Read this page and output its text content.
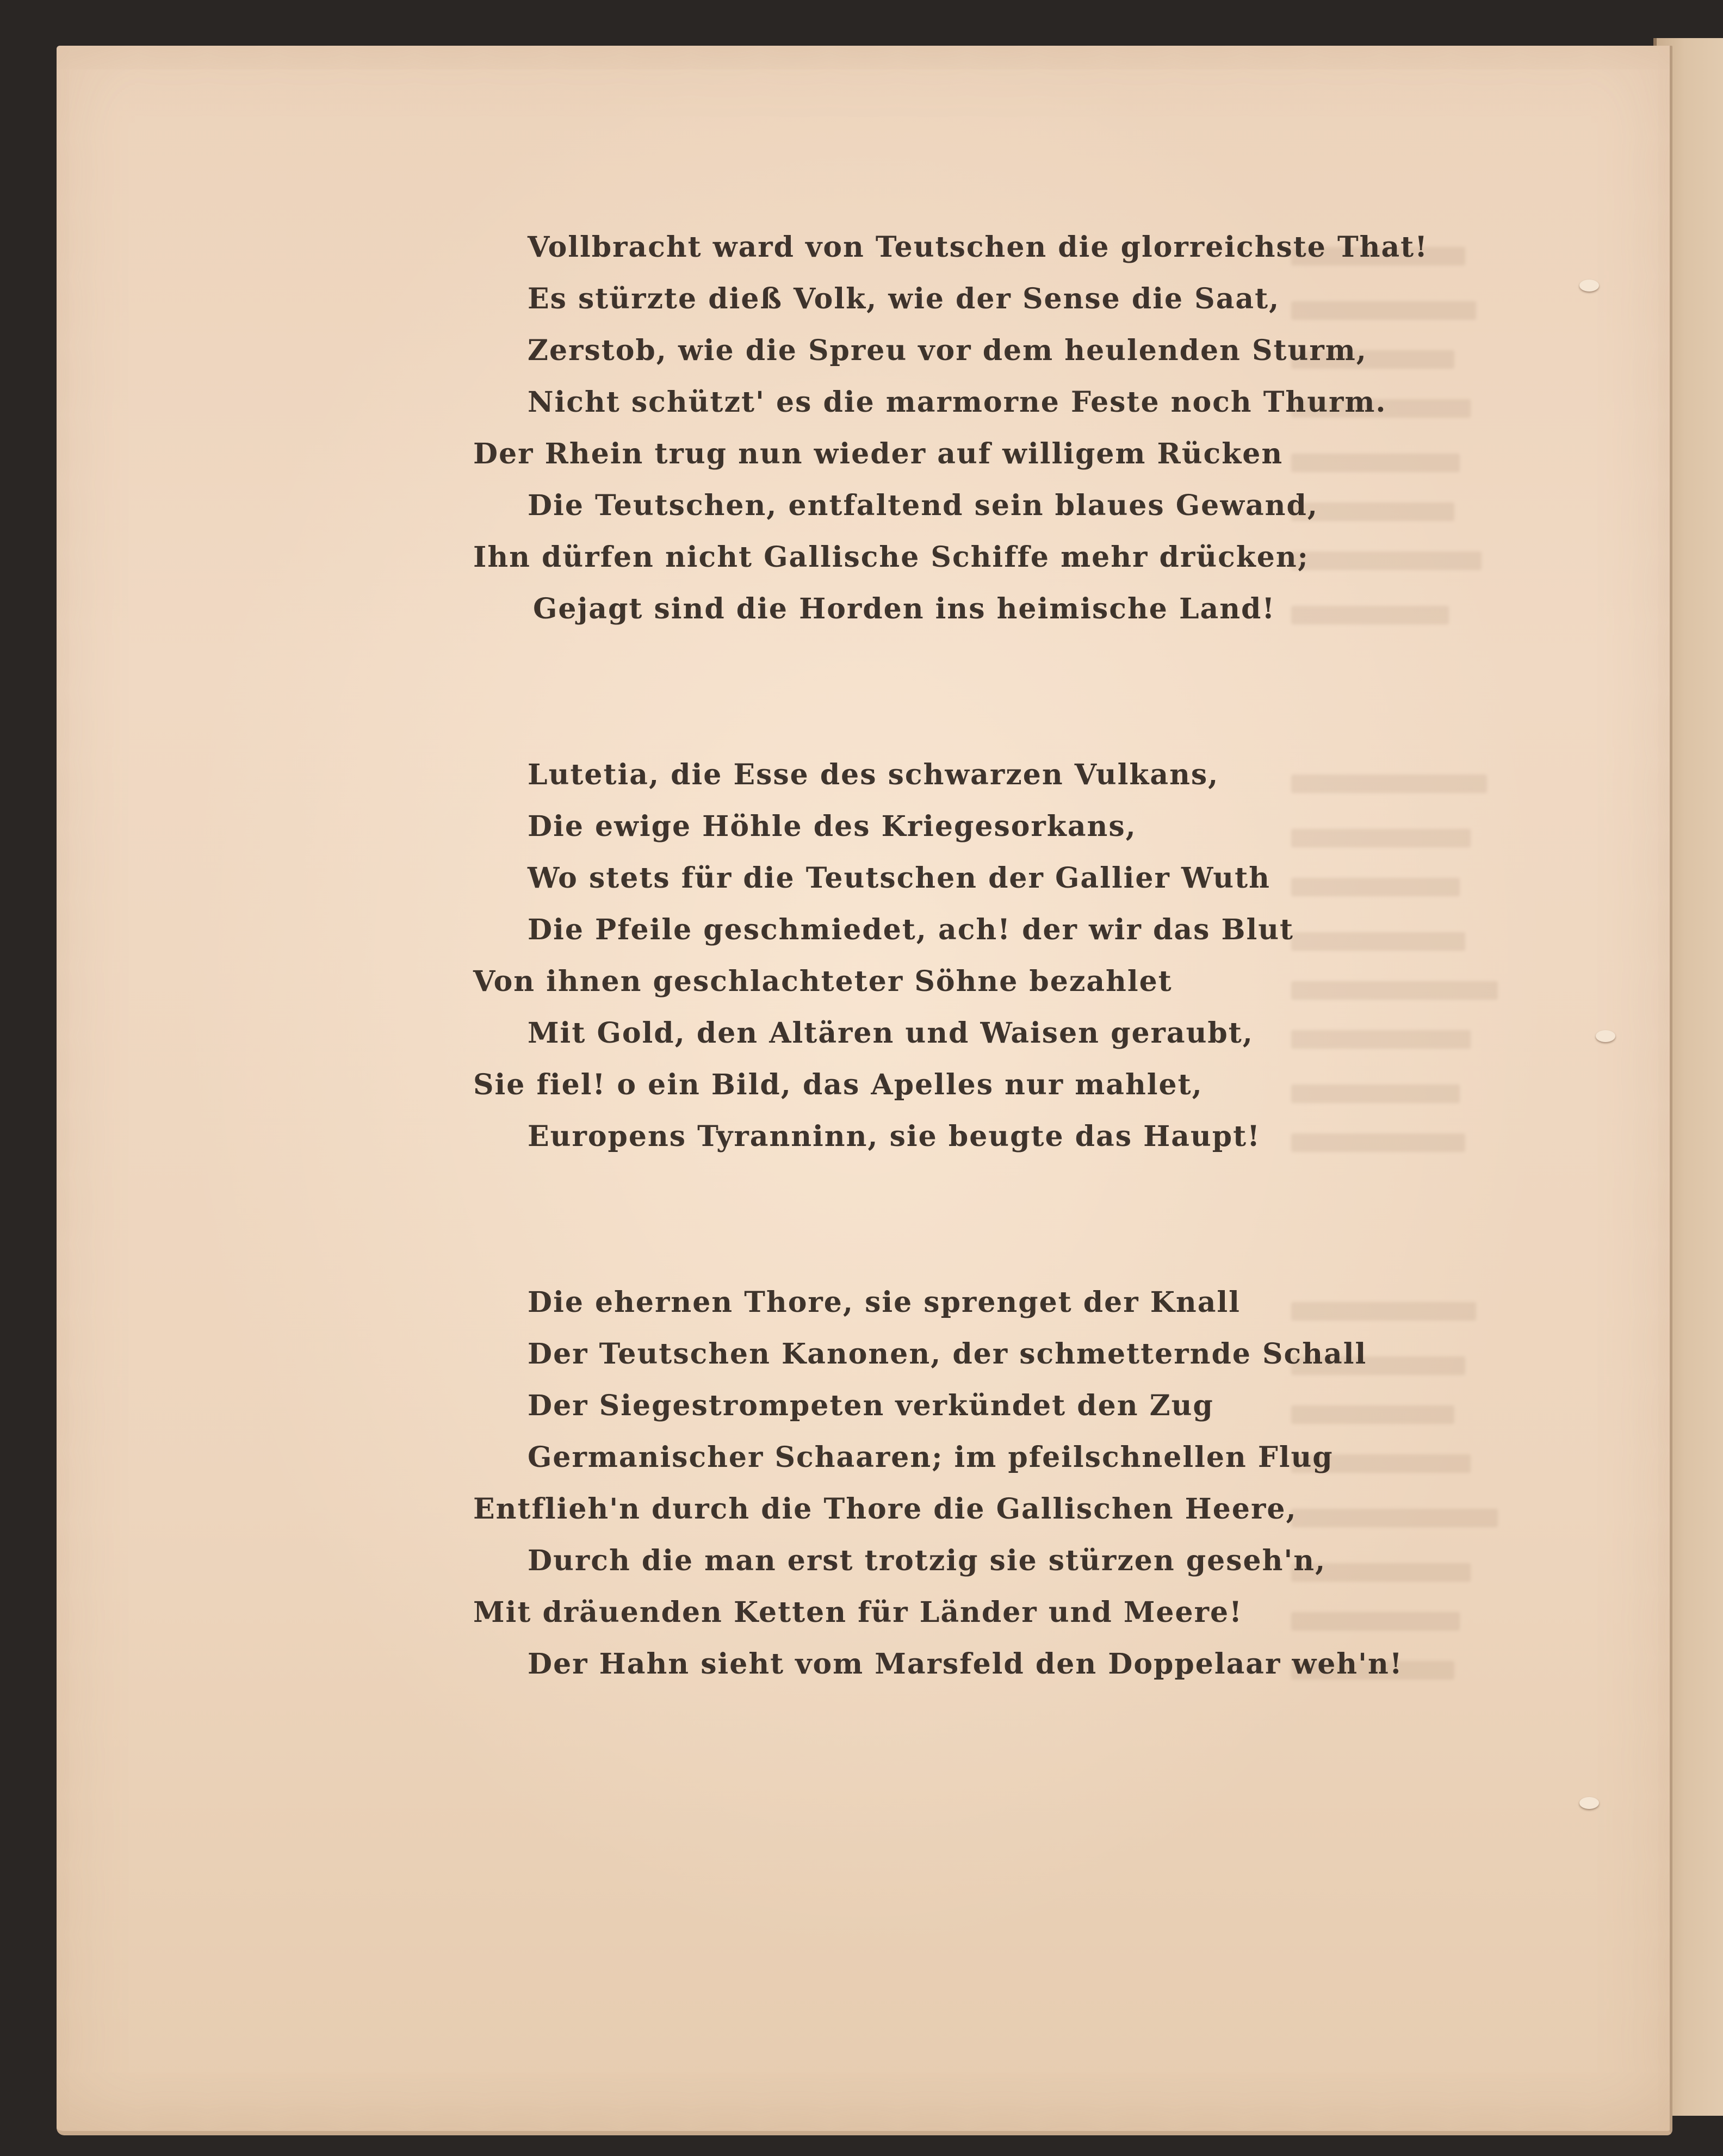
Vollbracht ward von Teutschen die glorreichste That!
Es stürzte dieß Volk, wie der Sense die Saat,
Zerstob, wie die Spreu vor dem heulenden Sturm,
Nicht schützt' es die marmorne Feste noch Thurm.
Der Rhein trug nun wieder auf willigem Rücken
Die Teutschen, entfaltend sein blaues Gewand,
Ihn dürfen nicht Gallische Schiffe mehr drücken;
Gejagt sind die Horden ins heimische Land!
Lutetia, die Esse des schwarzen Vulkans,
Die ewige Höhle des Kriegesorkans,
Wo stets für die Teutschen der Gallier Wuth
Die Pfeile geschmiedet, ach! der wir das Blut
Von ihnen geschlachteter Söhne bezahlet
Mit Gold, den Altären und Waisen geraubt,
Sie fiel! o ein Bild, das Apelles nur mahlet,
Europens Tyranninn, sie beugte das Haupt!
Die ehernen Thore, sie sprenget der Knall
Der Teutschen Kanonen, der schmetternde Schall
Der Siegestrompeten verkündet den Zug
Germanischer Schaaren; im pfeilschnellen Flug
Entflieh'n durch die Thore die Gallischen Heere,
Durch die man erst trotzig sie stürzen geseh'n,
Mit dräuenden Ketten für Länder und Meere!
Der Hahn sieht vom Marsfeld den Doppelaar weh'n!
